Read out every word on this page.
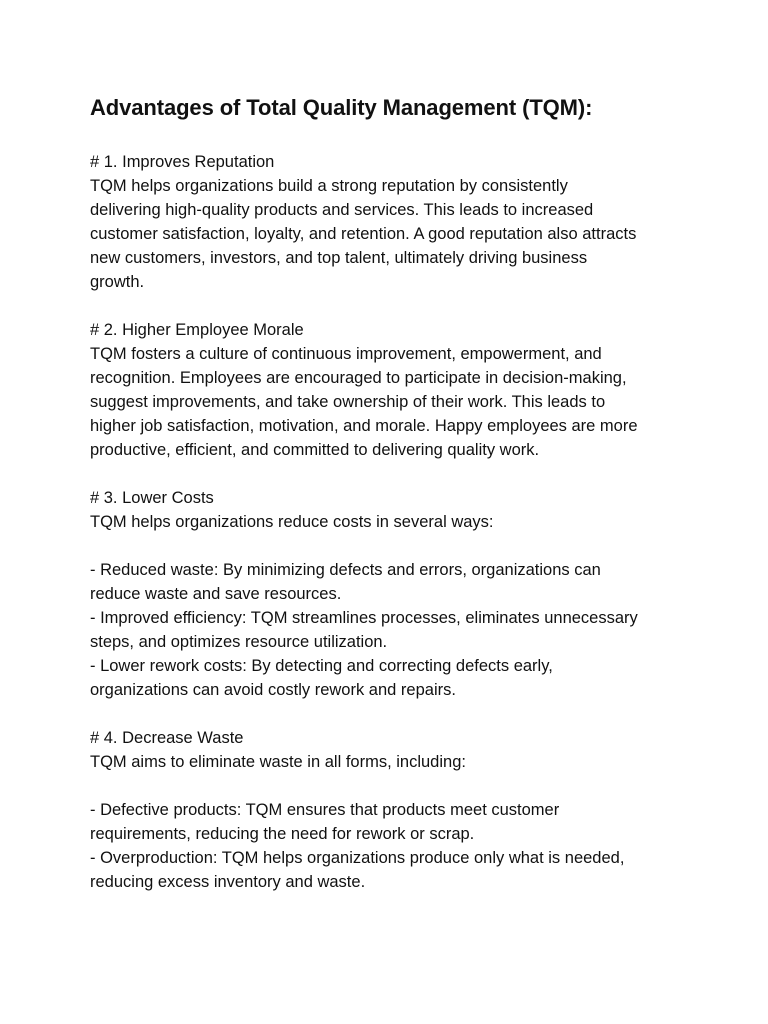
Advantages of Total Quality Management (TQM):

# 1. Improves Reputation

TQM helps organizations build a strong reputation by consistently

delivering high-quality products and services. This leads to increased

customer satisfaction, loyalty, and retention. A good reputation also attracts

new customers, investors, and top talent, ultimately driving business

growth.

# 2. Higher Employee Morale

TQM fosters a culture of continuous improvement, empowerment, and

recognition. Employees are encouraged to participate in decision-making,

suggest improvements, and take ownership of their work. This leads to

higher job satisfaction, motivation, and morale. Happy employees are more

productive, efficient, and committed to delivering quality work.

# 3. Lower Costs

TQM helps organizations reduce costs in several ways:

- Reduced waste: By minimizing defects and errors, organizations can

reduce waste and save resources.

- Improved efficiency: TQM streamlines processes, eliminates unnecessary

steps, and optimizes resource utilization.

- Lower rework costs: By detecting and correcting defects early,

organizations can avoid costly rework and repairs.

# 4. Decrease Waste

TQM aims to eliminate waste in all forms, including:

- Defective products: TQM ensures that products meet customer

requirements, reducing the need for rework or scrap.

- Overproduction: TQM helps organizations produce only what is needed,

reducing excess inventory and waste.
